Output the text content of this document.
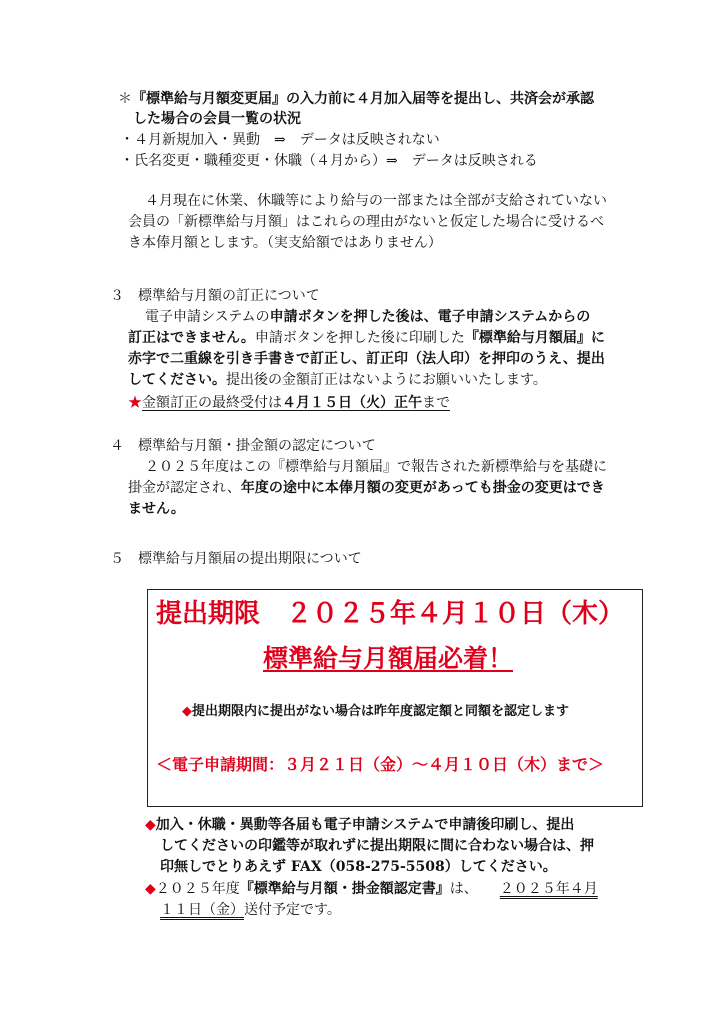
＊『標準給与月額変更届』の入力前に４月加入届等を提出し、共済会が承認
した場合の会員一覧の状況
・４月新規加入・異動　⇒　データは反映されない
・氏名変更・職種変更・休職（４月から）⇒　データは反映される
４月現在に休業、休職等により給与の一部または全部が支給されていない
会員の「新標準給与月額」はこれらの理由がないと仮定した場合に受けるべ
き本俸月額とします。（実支給額ではありません）
３　標準給与月額の訂正について
電子申請システムの申請ボタンを押した後は、電子申請システムからの
訂正はできません。申請ボタンを押した後に印刷した『標準給与月額届』に
赤字で二重線を引き手書きで訂正し、訂正印（法人印）を押印のうえ、提出
してください。提出後の金額訂正はないようにお願いいたします。
★金額訂正の最終受付は４月１５日（火）正午まで
４　標準給与月額・掛金額の認定について
２０２５年度はこの『標準給与月額届』で報告された新標準給与を基礎に
掛金が認定され、年度の途中に本俸月額の変更があっても掛金の変更はでき
ません。
５　標準給与月額届の提出期限について
提出期限 ２０２５年４月１０日（木）
標準給与月額届必着！
◆提出期限内に提出がない場合は昨年度認定額と同額を認定します
＜電子申請期間：３月２１日（金）～４月１０日（木）まで＞
◆加入・休職・異動等各届も電子申請システムで申請後印刷し、提出
してくださいの印鑑等が取れずに提出期限に間に合わない場合は、押
印無しでとりあえず FAX（058-275-5508）してください。
◆２０２５年度『標準給与月額・掛金額認定書』は、 ２０２５年４月
１１日（金）送付予定です。
